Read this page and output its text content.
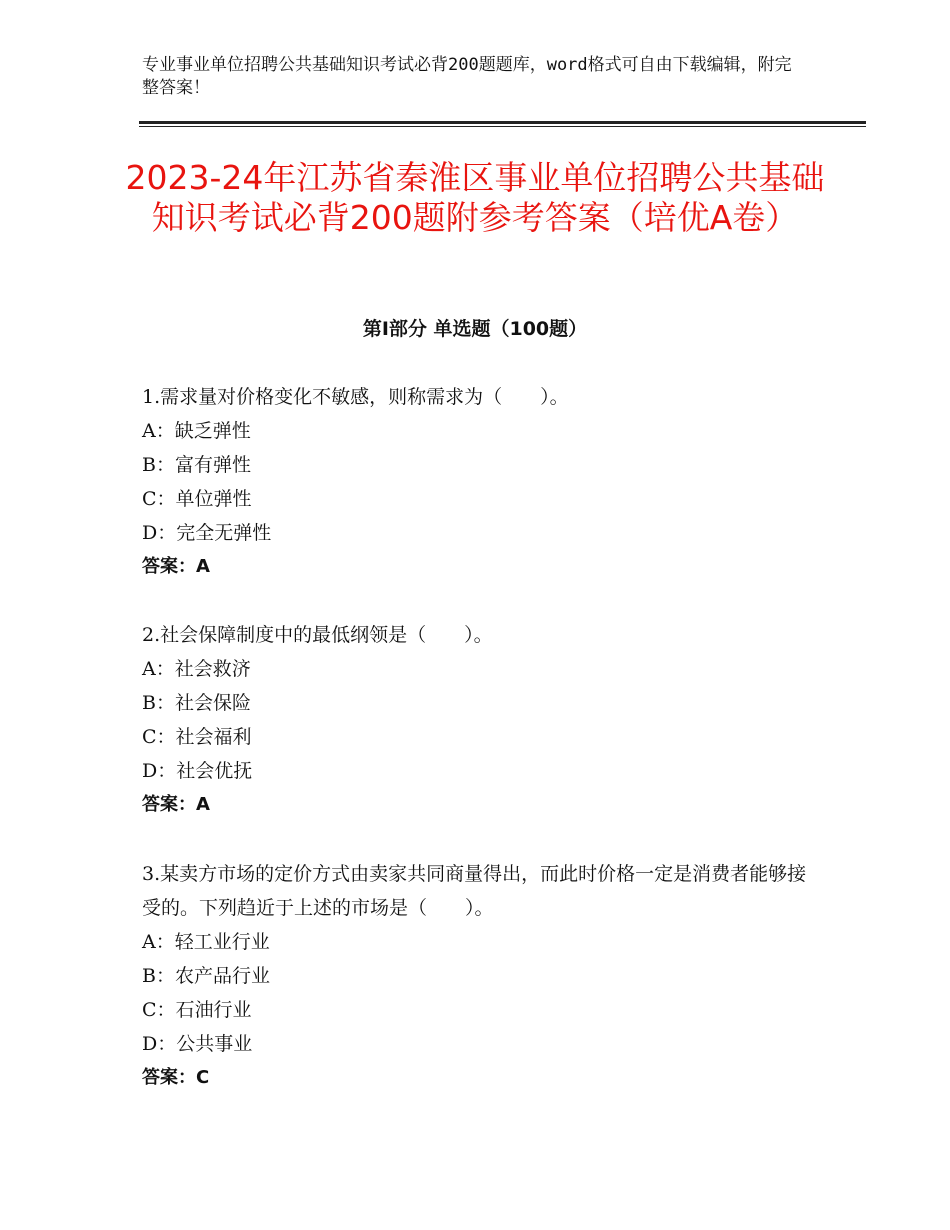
专业事业单位招聘公共基础知识考试必背200题题库，word格式可自由下载编辑，附完整答案！
2023-24年江苏省秦淮区事业单位招聘公共基础知识考试必背200题附参考答案（培优A卷）
第Ⅰ部分 单选题（100题）
1.需求量对价格变化不敏感，则称需求为（　　）。
A：缺乏弹性
B：富有弹性
C：单位弹性
D：完全无弹性
答案：A
2.社会保障制度中的最低纲领是（　　）。
A：社会救济
B：社会保险
C：社会福利
D：社会优抚
答案：A
3.某卖方市场的定价方式由卖家共同商量得出，而此时价格一定是消费者能够接受的。下列趋近于上述的市场是（　　）。
A：轻工业行业
B：农产品行业
C：石油行业
D：公共事业
答案：C
